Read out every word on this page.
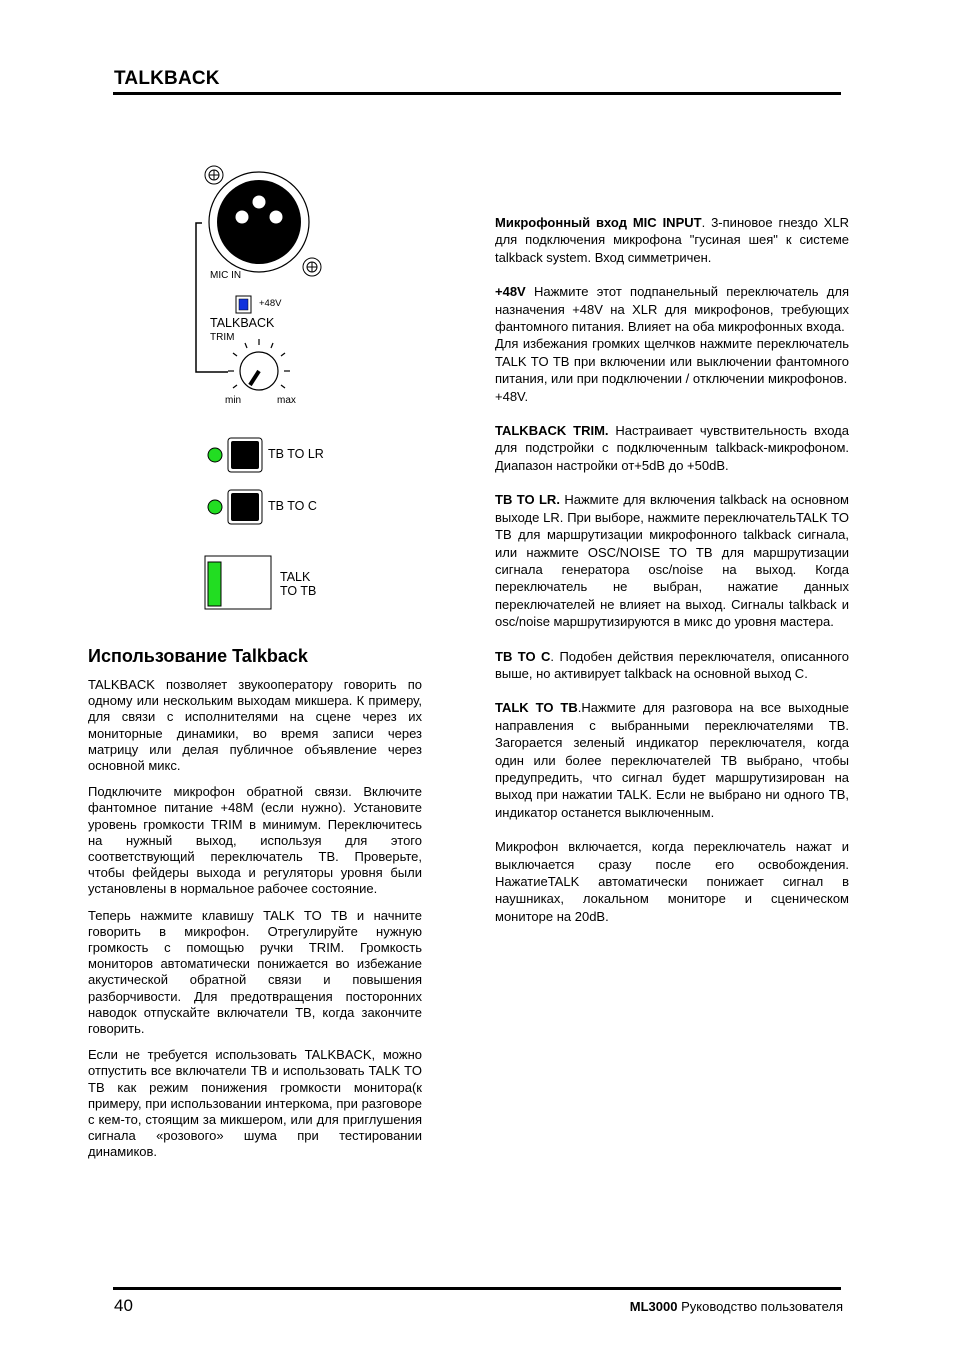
TALKBACK
MIC IN
+48V
TALKBACK
TRIM
min	max
TB TO LR
TB TO C
TALK
TO TB
Использование Talkback

TALKBACK позволяет звукооператору говорить по одному или нескольким выходам микшера. К примеру, для связи с исполнителями на сцене через их мониторные динамики, во время записи через матрицу или делая публичное объявление через основной микс.

Подключите микрофон обратной связи. Включите фантомное питание +48M (если нужно). Установите уровень громкости TRIM в минимум. Переключитесь на нужный выход, используя для этого соответствующий переключатель ТВ. Проверьте, чтобы фейдеры выхода и регуляторы уровня были установлены в нормальное рабочее состояние.

Теперь нажмите клавишу TALK TO TB и начните говорить в микрофон. Отрегулируйте нужную громкость с помощью ручки TRIM. Громкость мониторов автоматически понижается во избежание акустической обратной связи и повышения разборчивости. Для предотвращения посторонних наводок отпускайте включатели ТВ, когда закончите говорить.

Если не требуется использовать TALKBACK, можно отпустить все включатели ТВ и использовать TALK TO TB как режим понижения громкости монитора(к примеру, при использовании интеркома, при разговоре с кем-то, стоящим за микшером, или для приглушения сигнала «розового» шума при тестировании динамиков.

Микрофонный вход MIC INPUT. 3-пиновое гнездо XLR для подключения микрофона "гусиная шея" к системе talkback system. Вход симметричен.

+48V Нажмите этот подпанельный переключатель для назначения +48V на XLR для микрофонов, требующих фантомного питания. Влияет на оба микрофонных входа.

Для избежания громких щелчков нажмите переключатель TALK TO TB при включении или выключении фантомного питания, или при подключении / отключении микрофонов.

+48V.

TALKBACK TRIM. Настраивает чувствительность входа для подстройки с подключенным talkback-микрофоном. Диапазон настройки от+5dB до +50dB.

TB TO LR. Нажмите для включения talkback на основном выходе LR. При выборе, нажмите переключательTALK TO TB для маршрутизации микрофонного talkback сигнала, или нажмите OSC/NOISE TO TB для маршрутизации сигнала генератора osc/noise на выход. Когда переключатель не выбран, нажатие данных переключателей не влияет на выход. Сигналы talkback и osc/noise маршрутизируются в микс до уровня мастера.

TB TO C. Подобен действия переключателя, описанного выше, но активирует talkback на основной выход С.

TALK TO TB.Нажмите для разговора на все выходные направления с выбранными переключателями ТВ. Загорается зеленый индикатор переключателя, когда один или более переключателей ТВ выбрано, чтобы предупредить, что сигнал будет маршрутизирован на выход при нажатии TALK. Если не выбрано ни одного ТВ, индикатор останется выключенным.

Микрофон включается, когда переключатель нажат и выключается сразу после его освобождения. НажатиеTALK автоматически понижает сигнал в наушниках, локальном мониторе и сценическом мониторе на 20dB.

40	ML3000 Руководство пользователя
